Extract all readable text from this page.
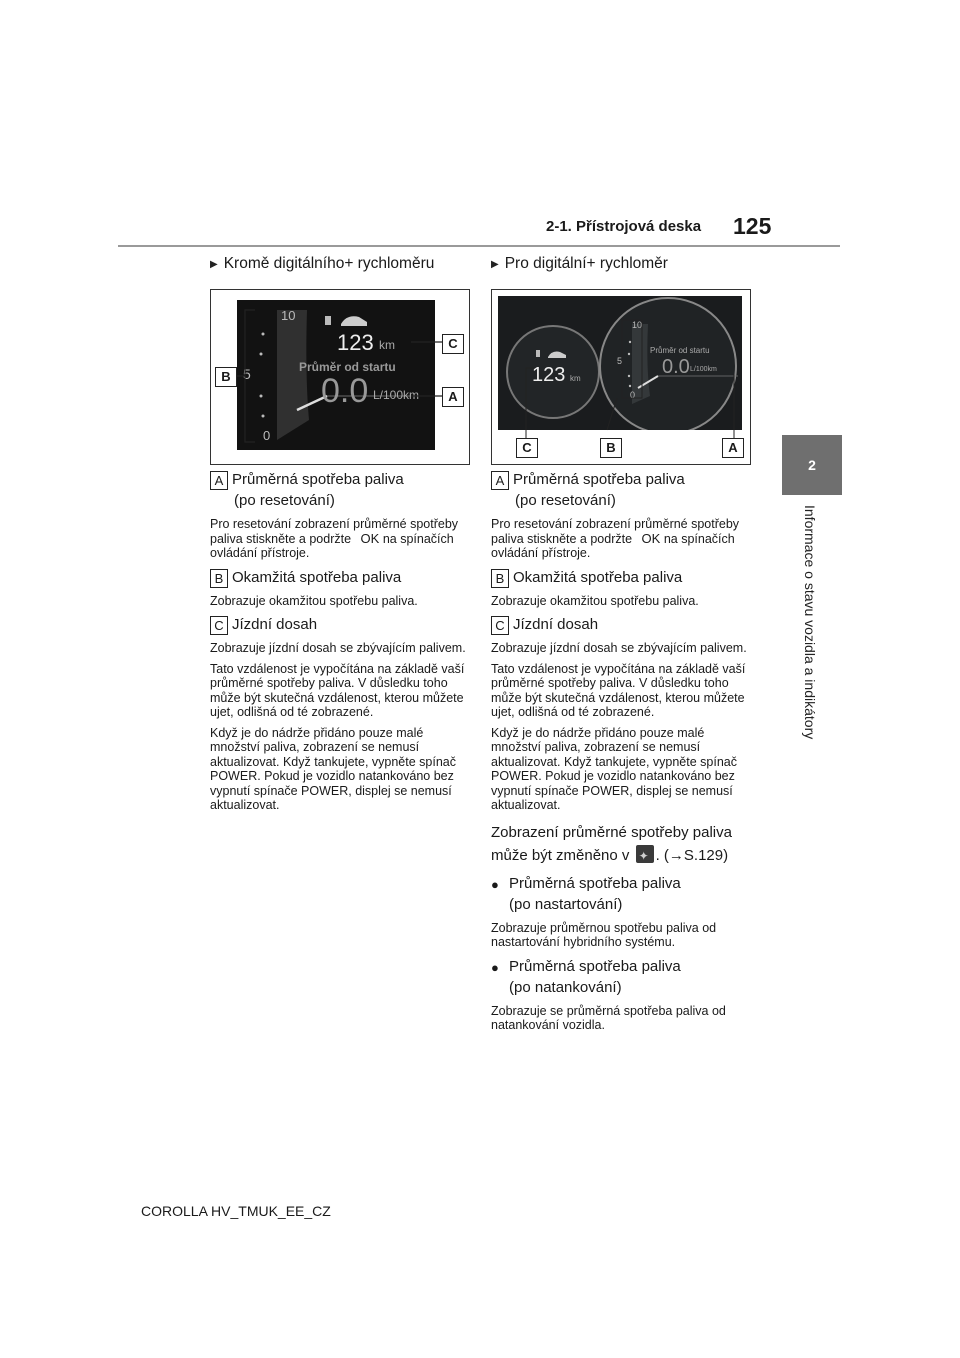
2-1. Přístrojová deska 125
2
Informace o stavu vozidla a indikátory
▶ Kromě digitálního+ rychloměru
10
5
0
123 km
Průměr od startu
0.0 L/100km
B
C
A
A Průměrná spotřeba paliva
(po resetování)
Pro resetování zobrazení průměrné spotřeby paliva stiskněte a podržte OK na spínačích ovládání přístroje.
B Okamžitá spotřeba paliva
Zobrazuje okamžitou spotřebu paliva.
C Jízdní dosah
Zobrazuje jízdní dosah se zbývajícím palivem.
Tato vzdálenost je vypočítána na základě vaší průměrné spotřeby paliva. V důsledku toho může být skutečná vzdálenost, kterou můžete ujet, odlišná od té zobrazené.
Když je do nádrže přidáno pouze malé množství paliva, zobrazení se nemusí aktualizovat. Když tankujete, vypněte spínač POWER. Pokud je vozidlo natankováno bez vypnutí spínače POWER, displej se nemusí aktualizovat.
▶ Pro digitální+ rychloměr
10
5
0
123 km
Průměr od startu
0.0 L/100km
C	B	A
A Průměrná spotřeba paliva
(po resetování)
Pro resetování zobrazení průměrné spotřeby paliva stiskněte a podržte OK na spínačích ovládání přístroje.
B Okamžitá spotřeba paliva
Zobrazuje okamžitou spotřebu paliva.
C Jízdní dosah
Zobrazuje jízdní dosah se zbývajícím palivem.
Tato vzdálenost je vypočítána na základě vaší průměrné spotřeby paliva. V důsledku toho může být skutečná vzdálenost, kterou můžete ujet, odlišná od té zobrazené.
Když je do nádrže přidáno pouze malé množství paliva, zobrazení se nemusí aktualizovat. Když tankujete, vypněte spínač POWER. Pokud je vozidlo natankováno bez vypnutí spínače POWER, displej se nemusí aktualizovat.
Zobrazení průměrné spotřeby paliva
může být změněno v ✦ . (→S.129)
● Průměrná spotřeba paliva
(po nastartování)
Zobrazuje průměrnou spotřebu paliva od nastartování hybridního systému.
● Průměrná spotřeba paliva
(po natankování)
Zobrazuje se průměrná spotřeba paliva od natankování vozidla.
COROLLA HV_TMUK_EE_CZ
